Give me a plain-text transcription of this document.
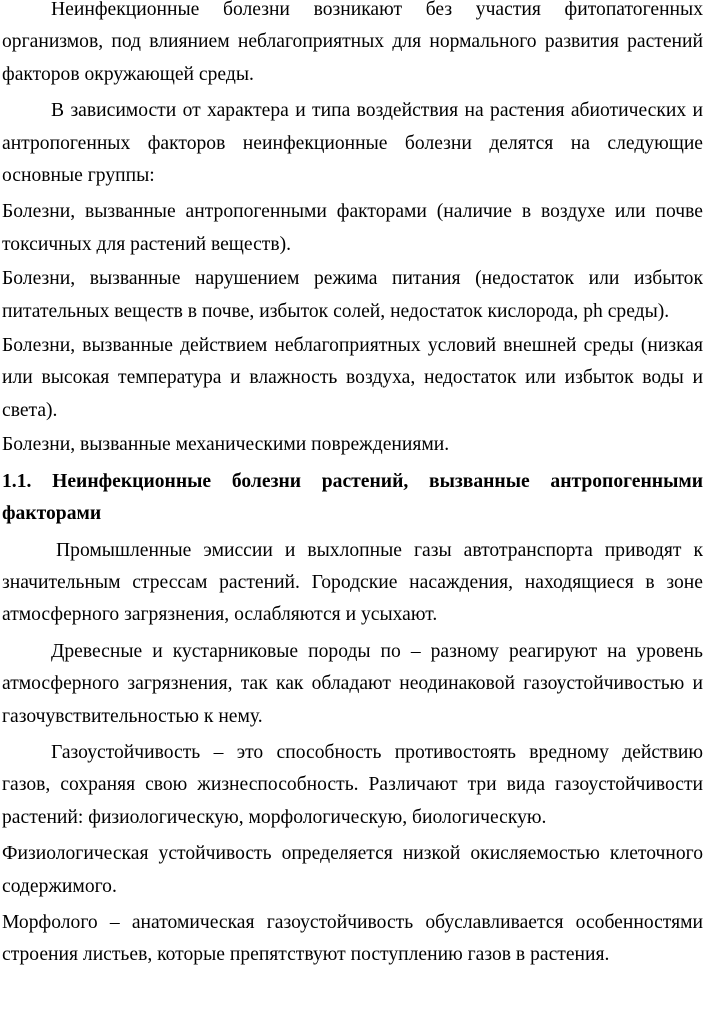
Неинфекционные болезни возникают без участия фитопатогенных организмов, под влиянием неблагоприятных для нормального развития растений факторов окружающей среды.

В зависимости от характера и типа воздействия на растения абиотических и антропогенных факторов неинфекционные болезни делятся на следующие основные группы:

Болезни, вызванные антропогенными факторами (наличие в воздухе или почве токсичных для растений веществ).

Болезни, вызванные нарушением режима питания (недостаток или избыток питательных веществ в почве, избыток солей, недостаток кислорода, ph среды).

Болезни, вызванные действием неблагоприятных условий внешней среды (низкая или высокая температура и влажность воздуха, недостаток или избыток воды и света).

Болезни, вызванные механическими повреждениями.

1.1. Неинфекционные болезни растений, вызванные антропогенными факторами

Промышленные эмиссии и выхлопные газы автотранспорта приводят к значительным стрессам растений. Городские насаждения, находящиеся в зоне атмосферного загрязнения, ослабляются и усыхают.

Древесные и кустарниковые породы по – разному реагируют на уровень атмосферного загрязнения, так как обладают неодинаковой газоустойчивостью и газочувствительностью к нему.

Газоустойчивость – это способность противостоять вредному действию газов, сохраняя свою жизнеспособность. Различают три вида газоустойчивости растений: физиологическую, морфологическую, биологическую.

Физиологическая устойчивость определяется низкой окисляемостью клеточного содержимого.

Морфолого – анатомическая газоустойчивость обуславливается особенностями строения листьев, которые препятствуют поступлению газов в растения.
